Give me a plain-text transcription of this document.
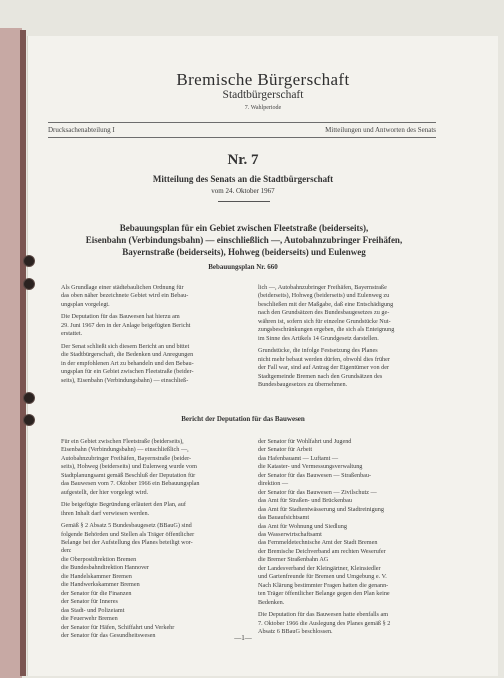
Bremische Bürgerschaft
Stadtbürgerschaft
7. Wahlperiode
Drucksachenabteilung I	Mitteilungen und Antworten des Senats
Nr. 7
Mitteilung des Senats an die Stadtbürgerschaft
vom 24. Oktober 1967
Bebauungsplan für ein Gebiet zwischen Fleetstraße (beiderseits),
Eisenbahn (Verbindungsbahn) — einschließlich —, Autobahnzubringer Freihäfen,
Bayernstraße (beiderseits), Hohweg (beiderseits) und Eulenweg
Bebauungsplan Nr. 660
Als Grundlage einer städtebaulichen Ordnung für
das oben näher bezeichnete Gebiet wird ein Bebau-
ungsplan vorgelegt.
Die Deputation für das Bauwesen hat hierzu am
29. Juni 1967 den in der Anlage beigefügten Bericht
erstattet.
Der Senat schließt sich diesem Bericht an und bittet
die Stadtbürgerschaft, die Bedenken und Anregungen
in der empfohlenen Art zu behandeln und den Bebau-
ungsplan für ein Gebiet zwischen Fleetstraße (beider-
seits), Eisenbahn (Verbindungsbahn) — einschließ-
lich —, Autobahnzubringer Freihäfen, Bayernstraße
(beiderseits), Hohweg (beiderseits) und Eulenweg zu
beschließen mit der Maßgabe, daß eine Entschädigung
nach den Grundsätzen des Bundesbaugesetzes zu ge-
währen ist, sofern sich für einzelne Grundstücke Nut-
zungsbeschränkungen ergeben, die sich als Enteignung
im Sinne des Artikels 14 Grundgesetz darstellen.
Grundstücke, die infolge Festsetzung des Planes
nicht mehr bebaut werden dürfen, obwohl dies früher
der Fall war, sind auf Antrag der Eigentümer von der
Stadtgemeinde Bremen nach den Grundsätzen des
Bundesbaugesetzes zu übernehmen.
Bericht der Deputation für das Bauwesen
Für ein Gebiet zwischen Fleetstraße (beiderseits),
Eisenbahn (Verbindungsbahn) — einschließlich —,
Autobahnzubringer Freihäfen, Bayernstraße (beider-
seits), Hohweg (beiderseits) und Eulenweg wurde vom
Stadtplanungsamt gemäß Beschluß der Deputation für
das Bauwesen vom 7. Oktober 1966 ein Bebauungsplan
aufgestellt, der hier vorgelegt wird.
Die beigefügte Begründung erläutert den Plan, auf
ihren Inhalt darf verwiesen werden.
Gemäß § 2 Absatz 5 Bundesbaugesetz (BBauG) sind
folgende Behörden und Stellen als Träger öffentlicher
Belange bei der Aufstellung des Planes beteiligt wor-
den:
die Oberpostdirektion Bremen
die Bundesbahndirektion Hannover
die Handelskammer Bremen
die Handwerkskammer Bremen
der Senator für die Finanzen
der Senator für Inneres
das Stadt- und Polizeiamt
die Feuerwehr Bremen
der Senator für Häfen, Schiffahrt und Verkehr
der Senator für das Gesundheitswesen
der Senator für Wohlfahrt und Jugend
der Senator für Arbeit
das Hafenbauamt — Luftamt —
die Kataster- und Vermessungsverwaltung
der Senator für das Bauwesen — Straßenbau-
direktion —
der Senator für das Bauwesen — Zivilschutz —
das Amt für Straßen- und Brückenbau
das Amt für Stadtentwässerung und Stadtreinigung
das Bauaufsichtsamt
das Amt für Wohnung und Siedlung
das Wasserwirtschaftsamt
das Fernmeldetechnische Amt der Stadt Bremen
der Bremische Deichverband am rechten Weserufer
die Bremer Straßenbahn AG
der Landesverband der Kleingärtner, Kleinsiedler
und Gartenfreunde für Bremen und Umgebung e. V.
Nach Klärung bestimmter Fragen hatten die genann-
ten Träger öffentlicher Belange gegen den Plan keine
Bedenken.
Die Deputation für das Bauwesen hatte ebenfalls am
7. Oktober 1966 die Auslegung des Planes gemäß § 2
Absatz 6 BBauG beschlossen.
—1—
